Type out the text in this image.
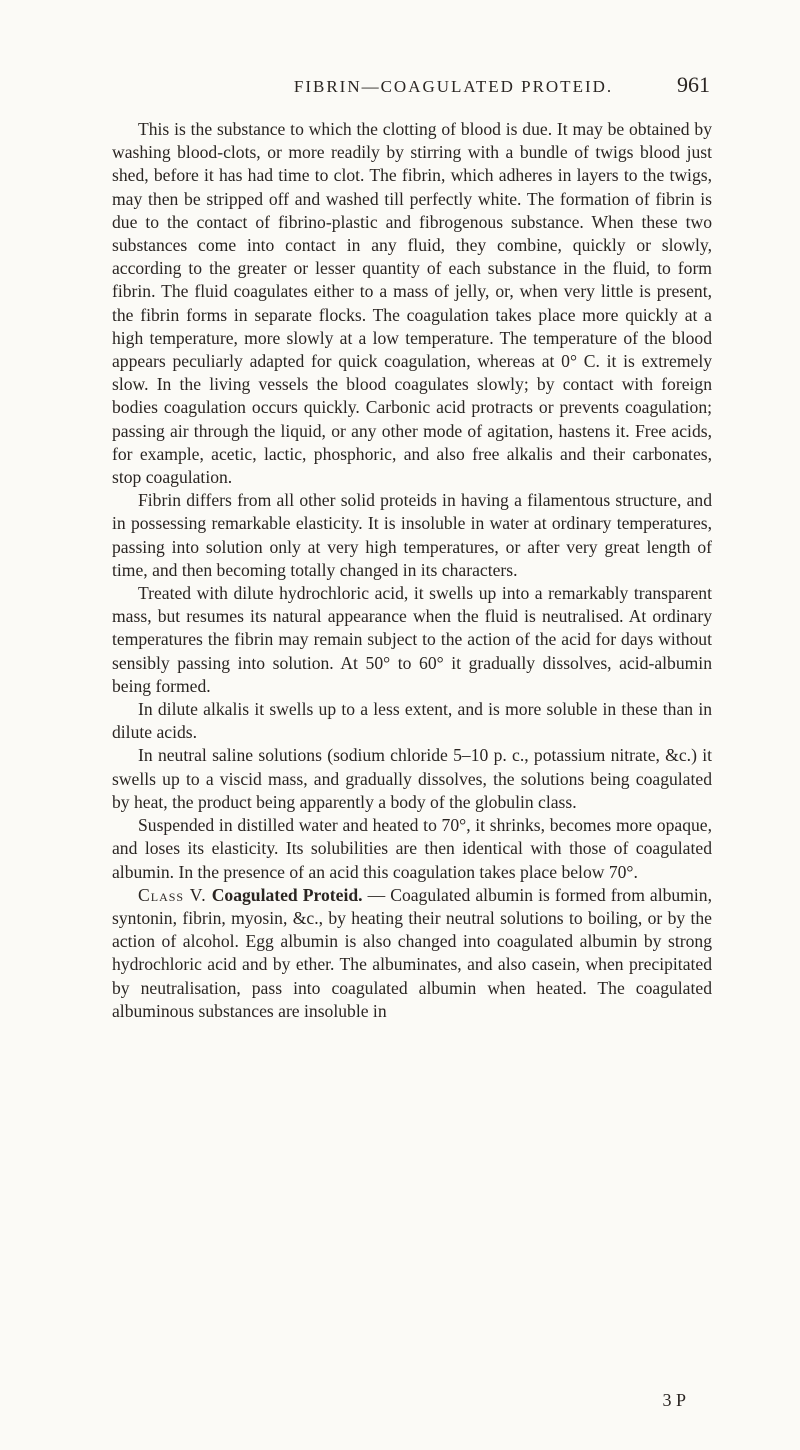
FIBRIN—COAGULATED PROTEID.	961

This is the substance to which the clotting of blood is due. It may be obtained by washing blood-clots, or more readily by stirring with a bundle of twigs blood just shed, before it has had time to clot. The fibrin, which adheres in layers to the twigs, may then be stripped off and washed till perfectly white. The formation of fibrin is due to the contact of fibrino-plastic and fibrogenous substance. When these two substances come into contact in any fluid, they combine, quickly or slowly, according to the greater or lesser quantity of each substance in the fluid, to form fibrin. The fluid coagulates either to a mass of jelly, or, when very little is present, the fibrin forms in separate flocks. The coagulation takes place more quickly at a high temperature, more slowly at a low temperature. The temperature of the blood appears peculiarly adapted for quick coagulation, whereas at 0° C. it is extremely slow. In the living vessels the blood coagulates slowly; by contact with foreign bodies coagulation occurs quickly. Carbonic acid protracts or prevents coagulation; passing air through the liquid, or any other mode of agitation, hastens it. Free acids, for example, acetic, lactic, phosphoric, and also free alkalis and their carbonates, stop coagulation.

Fibrin differs from all other solid proteids in having a filamentous structure, and in possessing remarkable elasticity. It is insoluble in water at ordinary temperatures, passing into solution only at very high temperatures, or after very great length of time, and then becoming totally changed in its characters.

Treated with dilute hydrochloric acid, it swells up into a remarkably transparent mass, but resumes its natural appearance when the fluid is neutralised. At ordinary temperatures the fibrin may remain subject to the action of the acid for days without sensibly passing into solution. At 50° to 60° it gradually dissolves, acid-albumin being formed.

In dilute alkalis it swells up to a less extent, and is more soluble in these than in dilute acids.

In neutral saline solutions (sodium chloride 5–10 p. c., potassium nitrate, &c.) it swells up to a viscid mass, and gradually dissolves, the solutions being coagulated by heat, the product being apparently a body of the globulin class.

Suspended in distilled water and heated to 70°, it shrinks, becomes more opaque, and loses its elasticity. Its solubilities are then identical with those of coagulated albumin. In the presence of an acid this coagulation takes place below 70°.

Class V. Coagulated Proteid. — Coagulated albumin is formed from albumin, syntonin, fibrin, myosin, &c., by heating their neutral solutions to boiling, or by the action of alcohol. Egg albumin is also changed into coagulated albumin by strong hydrochloric acid and by ether. The albuminates, and also casein, when precipitated by neutralisation, pass into coagulated albumin when heated. The coagulated albuminous substances are insoluble in

3 P
